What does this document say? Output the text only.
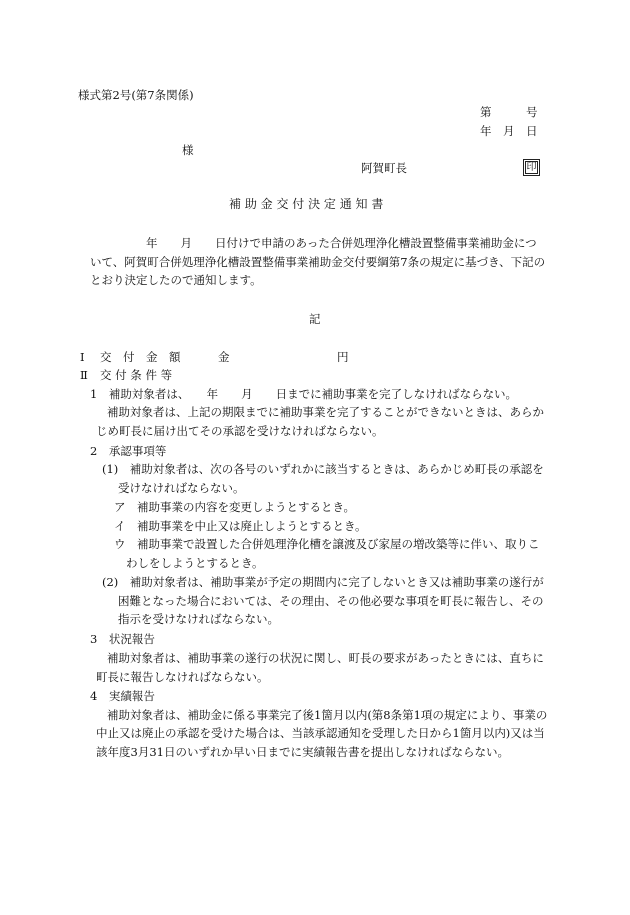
様式第2号(第7条関係)
第　　　号
年　月　日
様
阿賀町長	印
補 助 金 交 付 決 定 通 知 書
年　　月　　日付けで申請のあった合併処理浄化槽設置整備事業補助金につ
いて、阿賀町合併処理浄化槽設置整備事業補助金交付要綱第7条の規定に基づき、下記の
とおり決定したので通知します。
記
Ⅰ 交　付　金　額	金	円
Ⅱ 交 付 条 件 等
1　補助対象者は、　　年　　月　　日までに補助事業を完了しなければならない。
補助対象者は、上記の期限までに補助事業を完了することができないときは、あらか
じめ町長に届け出てその承認を受けなければならない。
2　承認事項等
(1)　補助対象者は、次の各号のいずれかに該当するときは、あらかじめ町長の承認を
受けなければならない。
ア　補助事業の内容を変更しようとするとき。
イ　補助事業を中止又は廃止しようとするとき。
ウ　補助事業で設置した合併処理浄化槽を譲渡及び家屋の増改築等に伴い、取りこ
わしをしようとするとき。
(2)　補助対象者は、補助事業が予定の期間内に完了しないとき又は補助事業の遂行が
困難となった場合においては、その理由、その他必要な事項を町長に報告し、その
指示を受けなければならない。
3　状況報告
補助対象者は、補助事業の遂行の状況に関し、町長の要求があったときには、直ちに
町長に報告しなければならない。
4　実績報告
補助対象者は、補助金に係る事業完了後1箇月以内(第8条第1項の規定により、事業の
中止又は廃止の承認を受けた場合は、当該承認通知を受理した日から1箇月以内)又は当
該年度3月31日のいずれか早い日までに実績報告書を提出しなければならない。
